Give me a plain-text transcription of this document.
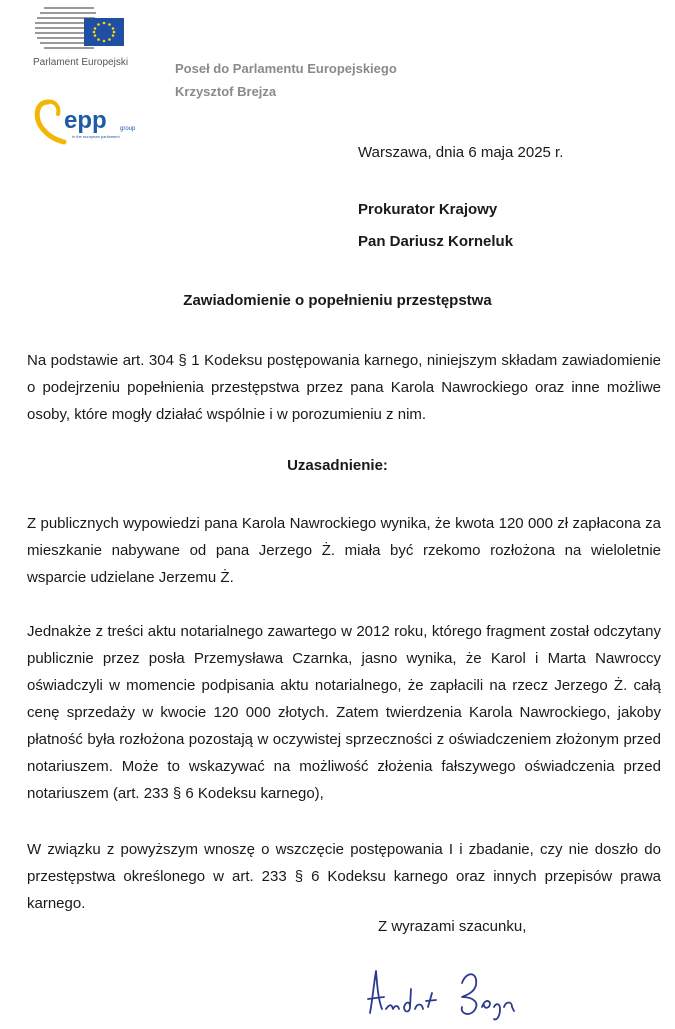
Parlament Europejski	Poseł do Parlamentu Europejskiego
Krzysztof Brejza
epp group
in the european parliament
Warszawa, dnia 6 maja 2025 r.
Prokurator Krajowy
Pan Dariusz Korneluk
Zawiadomienie o popełnieniu przestępstwa
Na podstawie art. 304 § 1 Kodeksu postępowania karnego, niniejszym składam zawiadomienie o podejrzeniu popełnienia przestępstwa przez pana Karola Nawrockiego oraz inne możliwe osoby, które mogły działać wspólnie i w porozumieniu z nim.
Uzasadnienie:
Z publicznych wypowiedzi pana Karola Nawrockiego wynika, że kwota 120 000 zł zapłacona za mieszkanie nabywane od pana Jerzego Ż. miała być rzekomo rozłożona na wieloletnie wsparcie udzielane Jerzemu Ż.
Jednakże z treści aktu notarialnego zawartego w 2012 roku, którego fragment został odczytany publicznie przez posła Przemysława Czarnka, jasno wynika, że Karol i Marta Nawroccy oświadczyli w momencie podpisania aktu notarialnego, że zapłacili na rzecz Jerzego Ż. całą cenę sprzedaży w kwocie 120 000 złotych. Zatem twierdzenia Karola Nawrockiego, jakoby płatność była rozłożona pozostają w oczywistej sprzeczności z oświadczeniem złożonym przed notariuszem. Może to wskazywać na możliwość złożenia fałszywego oświadczenia przed notariuszem (art. 233 § 6 Kodeksu karnego),
W związku z powyższym wnoszę o wszczęcie postępowania I i zbadanie, czy nie doszło do przestępstwa określonego w art. 233 § 6 Kodeksu karnego oraz innych przepisów prawa karnego.
Z wyrazami szacunku,
